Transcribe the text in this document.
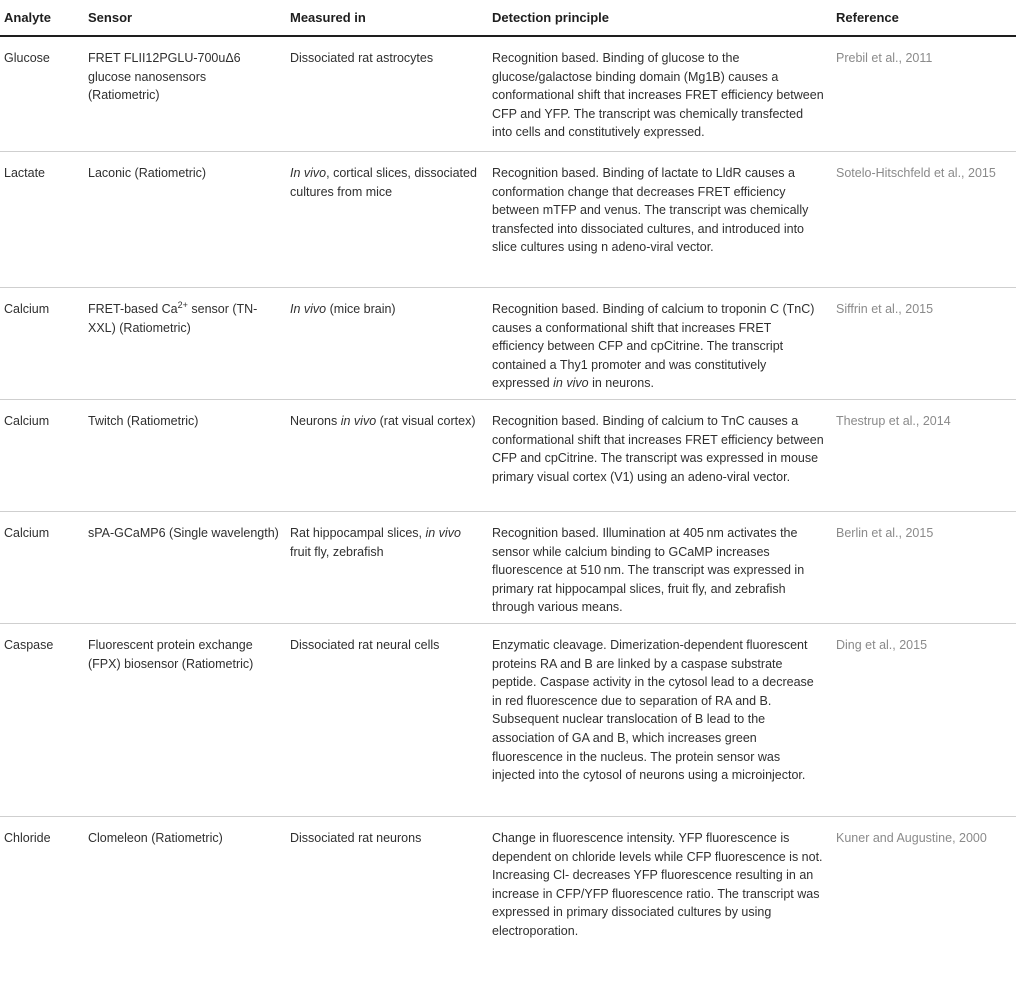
Analyte	Sensor	Measured in	Detection principle	Reference
Glucose	FRET FLII12PGLU-700uΔ6 glucose nanosensors (Ratiometric)	Dissociated rat astrocytes	Recognition based. Binding of glucose to the glucose/galactose binding domain (Mg1B) causes a conformational shift that increases FRET efficiency between CFP and YFP. The transcript was chemically transfected into cells and constitutively expressed.	Prebil et al., 2011
Lactate	Laconic (Ratiometric)	In vivo, cortical slices, dissociated cultures from mice	Recognition based. Binding of lactate to LldR causes a conformation change that decreases FRET efficiency between mTFP and venus. The transcript was chemically transfected into dissociated cultures, and introduced into slice cultures using n adeno-viral vector.	Sotelo-Hitschfeld et al., 2015
Calcium	FRET-based $Ca^{2+}$ sensor (TN-XXL) (Ratiometric)	In vivo (mice brain)	Recognition based. Binding of calcium to troponin C (TnC) causes a conformational shift that increases FRET efficiency between CFP and cpCitrine. The transcript contained a Thy1 promoter and was constitutively expressed in vivo in neurons.	Siffrin et al., 2015
Calcium	Twitch (Ratiometric)	Neurons in vivo (rat visual cortex)	Recognition based. Binding of calcium to TnC causes a conformational shift that increases FRET efficiency between CFP and cpCitrine. The transcript was expressed in mouse primary visual cortex (V1) using an adeno-viral vector.	Thestrup et al., 2014
Calcium	sPA-GCaMP6 (Single wavelength)	Rat hippocampal slices, in vivo fruit fly, zebrafish	Recognition based. Illumination at 405 nm activates the sensor while calcium binding to GCaMP increases fluorescence at 510 nm. The transcript was expressed in primary rat hippocampal slices, fruit fly, and zebrafish through various means.	Berlin et al., 2015
Caspase	Fluorescent protein exchange (FPX) biosensor (Ratiometric)	Dissociated rat neural cells	Enzymatic cleavage. Dimerization-dependent fluorescent proteins RA and B are linked by a caspase substrate peptide. Caspase activity in the cytosol lead to a decrease in red fluorescence due to separation of RA and B. Subsequent nuclear translocation of B lead to the association of GA and B, which increases green fluorescence in the nucleus. The protein sensor was injected into the cytosol of neurons using a microinjector.	Ding et al., 2015
Chloride	Clomeleon (Ratiometric)	Dissociated rat neurons	Change in fluorescence intensity. YFP fluorescence is dependent on chloride levels while CFP fluorescence is not. Increasing Cl- decreases YFP fluorescence resulting in an increase in CFP/YFP fluorescence ratio. The transcript was expressed in primary dissociated cultures by using electroporation.	Kuner and Augustine, 2000
